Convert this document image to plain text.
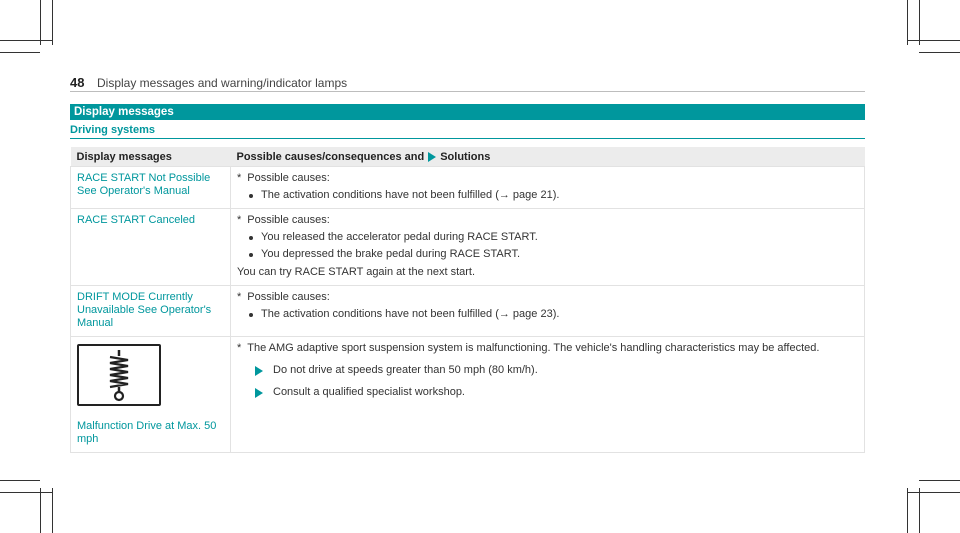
48 Display messages and warning/indicator lamps
Display messages
Driving systems
Display messages	Possible causes/consequences and Solutions

RACE START Not Possible See Operator's Manual	* Possible causes:
The activation conditions have not been fulfilled (→ page 21).

RACE START Canceled	* Possible causes:
You released the accelerator pedal during RACE START.
You depressed the brake pedal during RACE START.
You can try RACE START again at the next start.

DRIFT MODE Currently Unavailable See Operator's Manual	* Possible causes:
The activation conditions have not been fulfilled (→ page 23).

Malfunction Drive at Max. 50 mph	* The AMG adaptive sport suspension system is malfunctioning. The vehicle's handling characteristics may be affected.
Do not drive at speeds greater than 50 mph (80 km/h).
Consult a qualified specialist workshop.
